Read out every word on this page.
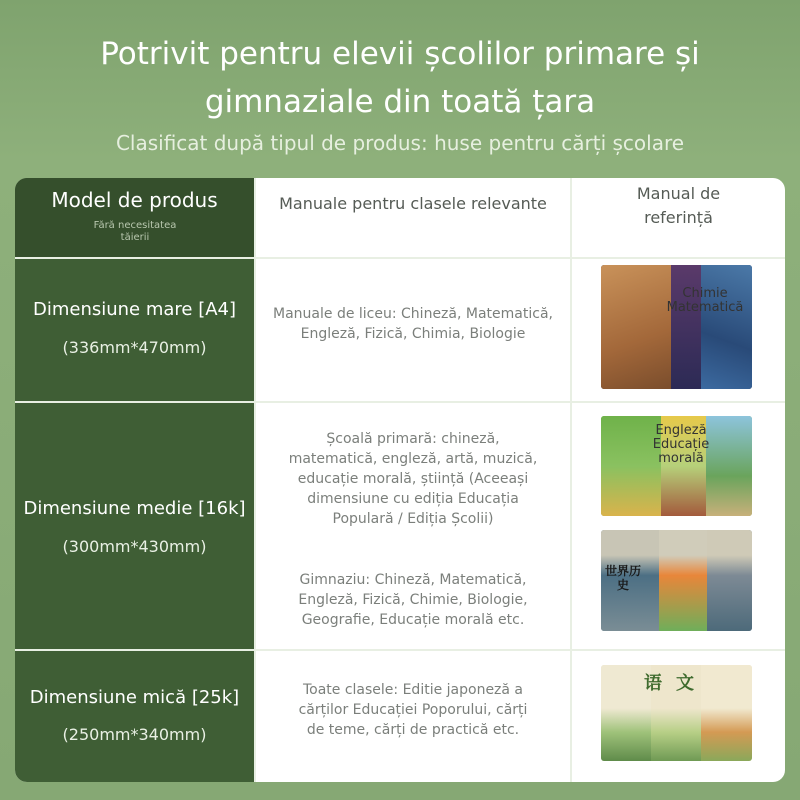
Potrivit pentru elevii școlilor primare și
gimnaziale din toată țara
Clasificat după tipul de produs: huse pentru cărți școlare
Model de produs
Fără necesitatea tăierii
Manuale pentru clasele relevante
Manual de
referință
Dimensiune mare [A4]
(336mm*470mm)
Manuale de liceu: Chineză, Matematică,
Engleză, Fizică, Chimia, Biologie
Chimie
Matematică
Dimensiune medie [16k]
(300mm*430mm)
Școală primară: chineză,
matematică, engleză, artă, muzică,
educație morală, știință (Aceeași
dimensiune cu ediția Educația
Populară / Ediția Școlii)
Gimnaziu: Chineză, Matematică,
Engleză, Fizică, Chimie, Biologie,
Geografie, Educație morală etc.
Engleză
Educație
morală
世界历史
Dimensiune mică [25k]
(250mm*340mm)
Toate clasele: Editie japoneză a
cărților Educației Poporului, cărți
de teme, cărți de practică etc.
语文
